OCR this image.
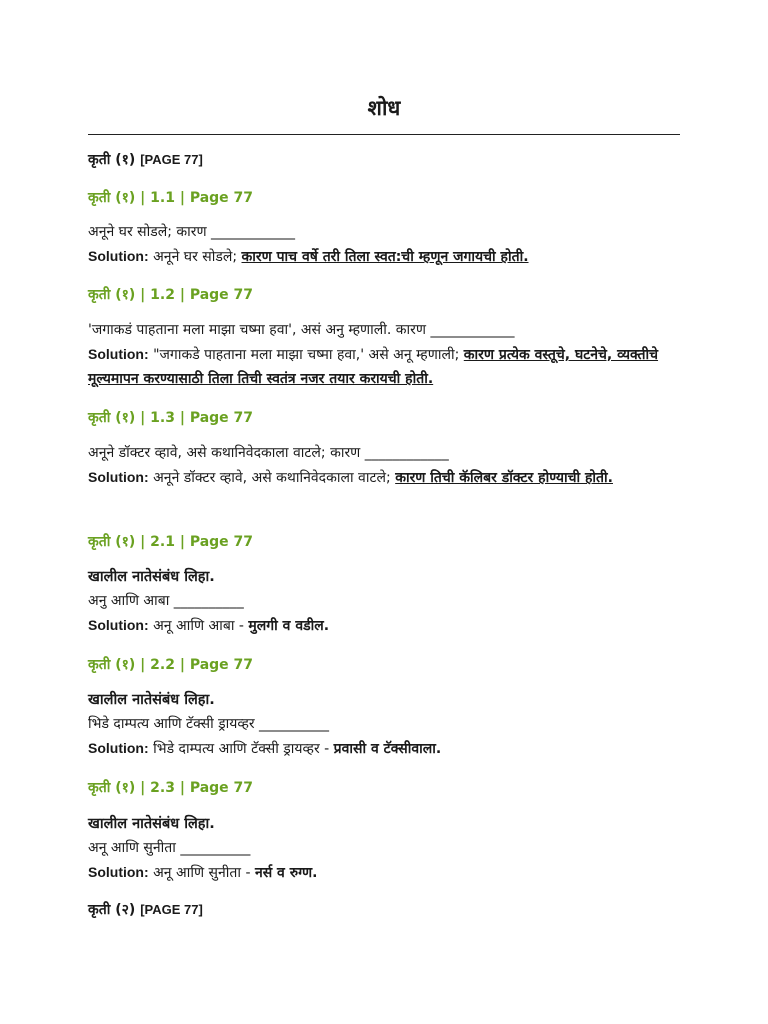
शोध
कृती (१) [PAGE 77]
कृती (१) | 1.1 | Page 77

अनूने घर सोडले; कारण ____________

Solution: अनूने घर सोडले; कारण पाच वर्षे तरी तिला स्वत:ची म्हणून जगायची होती.

कृती (१) | 1.2 | Page 77

'जगाकडं पाहताना मला माझा चष्मा हवा', असं अनु म्हणाली. कारण ____________

Solution: "जगाकडे पाहताना मला माझा चष्मा हवा,' असे अनू म्हणाली; कारण प्रत्येक वस्तूचे, घटनेचे, व्यक्तीचे मूल्यमापन करण्यासाठी तिला तिची स्वतंत्र नजर तयार करायची होती.

कृती (१) | 1.3 | Page 77

अनूने डॉक्टर व्हावे, असे कथानिवेदकाला वाटले; कारण ____________

Solution: अनूने डॉक्टर व्हावे, असे कथानिवेदकाला वाटले; कारण तिची कॅलिबर डॉक्टर होण्याची होती.

कृती (१) | 2.1 | Page 77

खालील नातेसंबंध लिहा.

अनु आणि आबा __________

Solution: अनू आणि आबा - मुलगी व वडील.

कृती (१) | 2.2 | Page 77

खालील नातेसंबंध लिहा.

भिडे दाम्पत्य आणि टॅक्सी ड्रायव्हर __________

Solution: भिडे दाम्पत्य आणि टॅक्सी ड्रायव्हर - प्रवासी व टॅक्सीवाला.

कृती (१) | 2.3 | Page 77

खालील नातेसंबंध लिहा.

अनू आणि सुनीता __________

Solution: अनू आणि सुनीता - नर्स व रुग्ण.

कृती (२) [PAGE 77]
